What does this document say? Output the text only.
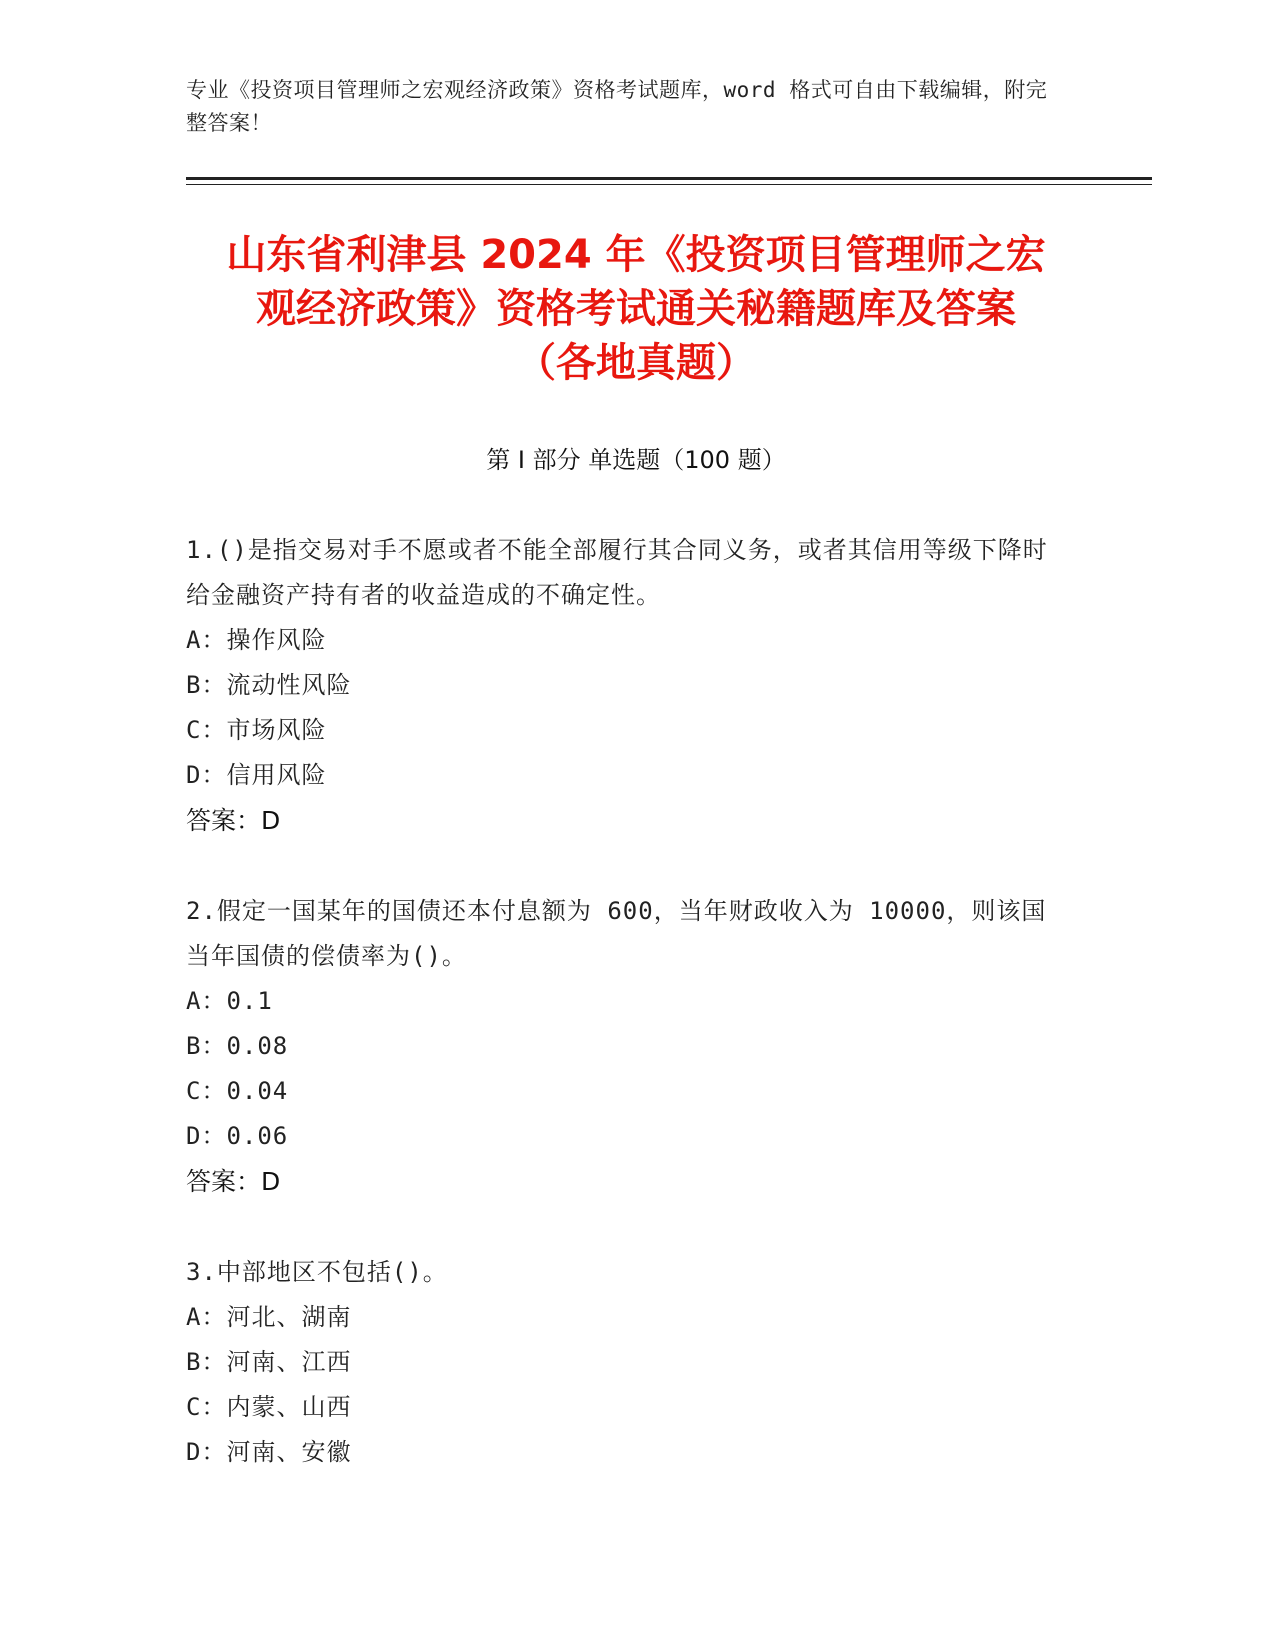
专业《投资项目管理师之宏观经济政策》资格考试题库，word 格式可自由下载编辑，附完整答案！
山东省利津县 2024 年《投资项目管理师之宏
观经济政策》资格考试通关秘籍题库及答案
（各地真题）
第 I 部分 单选题（100 题）

1.()是指交易对手不愿或者不能全部履行其合同义务，或者其信用等级下降时给金融资产持有者的收益造成的不确定性。

A：操作风险
B：流动性风险
C：市场风险
D：信用风险
答案：D

2.假定一国某年的国债还本付息额为 600，当年财政收入为 10000，则该国当年国债的偿债率为()。

A：0.1
B：0.08
C：0.04
D：0.06
答案：D

3.中部地区不包括()。

A：河北、湖南
B：河南、江西
C：内蒙、山西
D：河南、安徽
